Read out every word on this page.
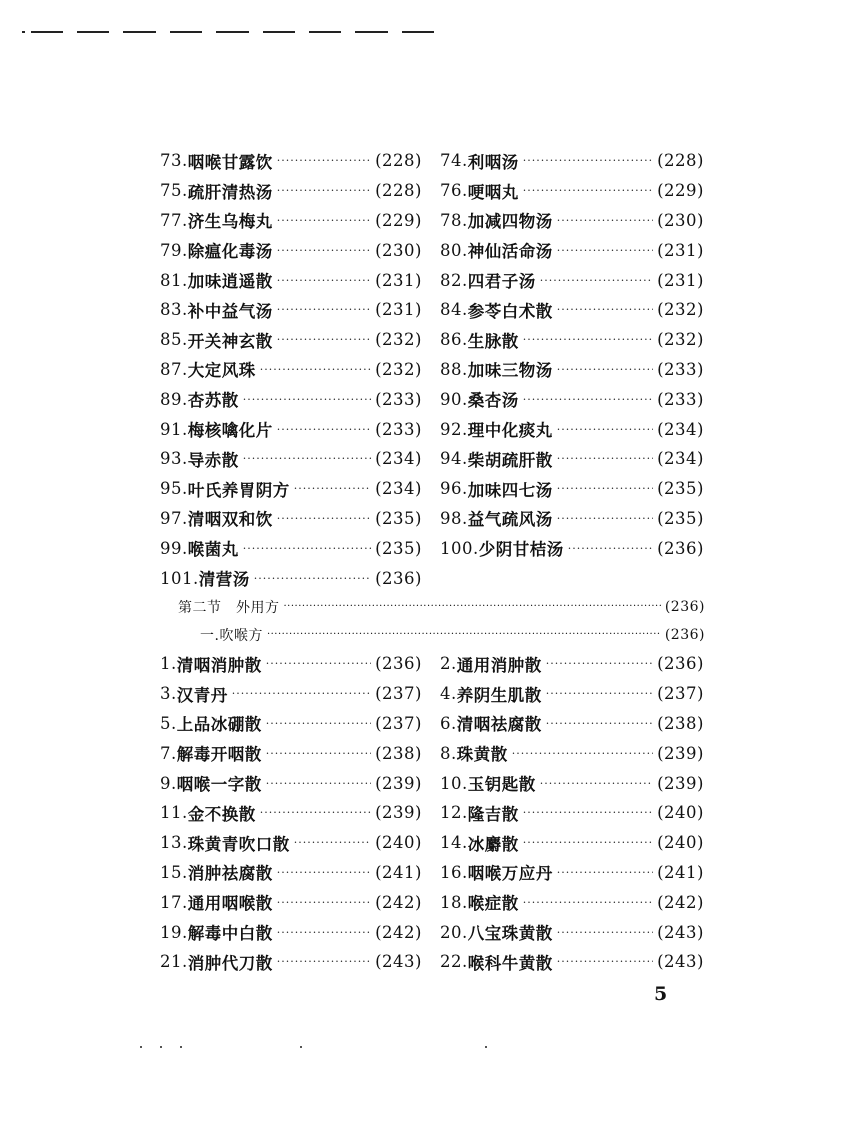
73. 咽喉甘露饮 ·····	(228) 74. 利咽汤 ·····	(228)
75. 疏肝清热汤 ·····	(228) 76. 哽咽丸 ·····	(229)
77. 济生乌梅丸 ·····	(229) 78. 加减四物汤 ·····	(230)
79. 除瘟化毒汤 ·····	(230) 80. 神仙活命汤 ·····	(231)
81. 加味逍遥散 ·····	(231) 82. 四君子汤 ·····	(231)
83. 补中益气汤 ·····	(231) 84. 参苓白术散 ·····	(232)
85. 开关神玄散 ·····	(232) 86. 生脉散 ·····	(232)
87. 大定风珠 ·····	(232) 88. 加味三物汤 ·····	(233)
89. 杏苏散 ·····	(233) 90. 桑杏汤 ·····	(233)
91. 梅核噙化片 ·····	(233) 92. 理中化痰丸 ·····	(234)
93. 导赤散 ·····	(234) 94. 柴胡疏肝散 ·····	(234)
95. 叶氏养胃阴方 ·····	(234) 96. 加味四七汤 ·····	(235)
97. 清咽双和饮 ·····	(235) 98. 益气疏风汤 ·····	(235)
99. 喉菌丸 ·····	(235) 100. 少阴甘桔汤 ·····	(236)
101. 清营汤 ·····	(236)
第二节　外用方 ·····	(236)
一.吹喉方 ·····	(236)
1. 清咽消肿散 ·····	(236) 2. 通用消肿散 ·····	(236)
3. 汉青丹 ·····	(237) 4. 养阴生肌散 ·····	(237)
5. 上品冰硼散 ·····	(237) 6. 清咽祛腐散 ·····	(238)
7. 解毒开咽散 ·····	(238) 8. 珠黄散 ·····	(239)
9. 咽喉一字散 ·····	(239) 10. 玉钥匙散 ·····	(239)
11. 金不换散 ·····	(239) 12. 隆吉散 ·····	(240)
13. 珠黄青吹口散 ·····	(240) 14. 冰麝散 ·····	(240)
15. 消肿祛腐散 ·····	(241) 16. 咽喉万应丹 ·····	(241)
17. 通用咽喉散 ·····	(242) 18. 喉症散 ·····	(242)
19. 解毒中白散 ·····	(242) 20. 八宝珠黄散 ·····	(243)
21. 消肿代刀散 ·····	(243) 22. 喉科牛黄散 ·····	(243)
5
